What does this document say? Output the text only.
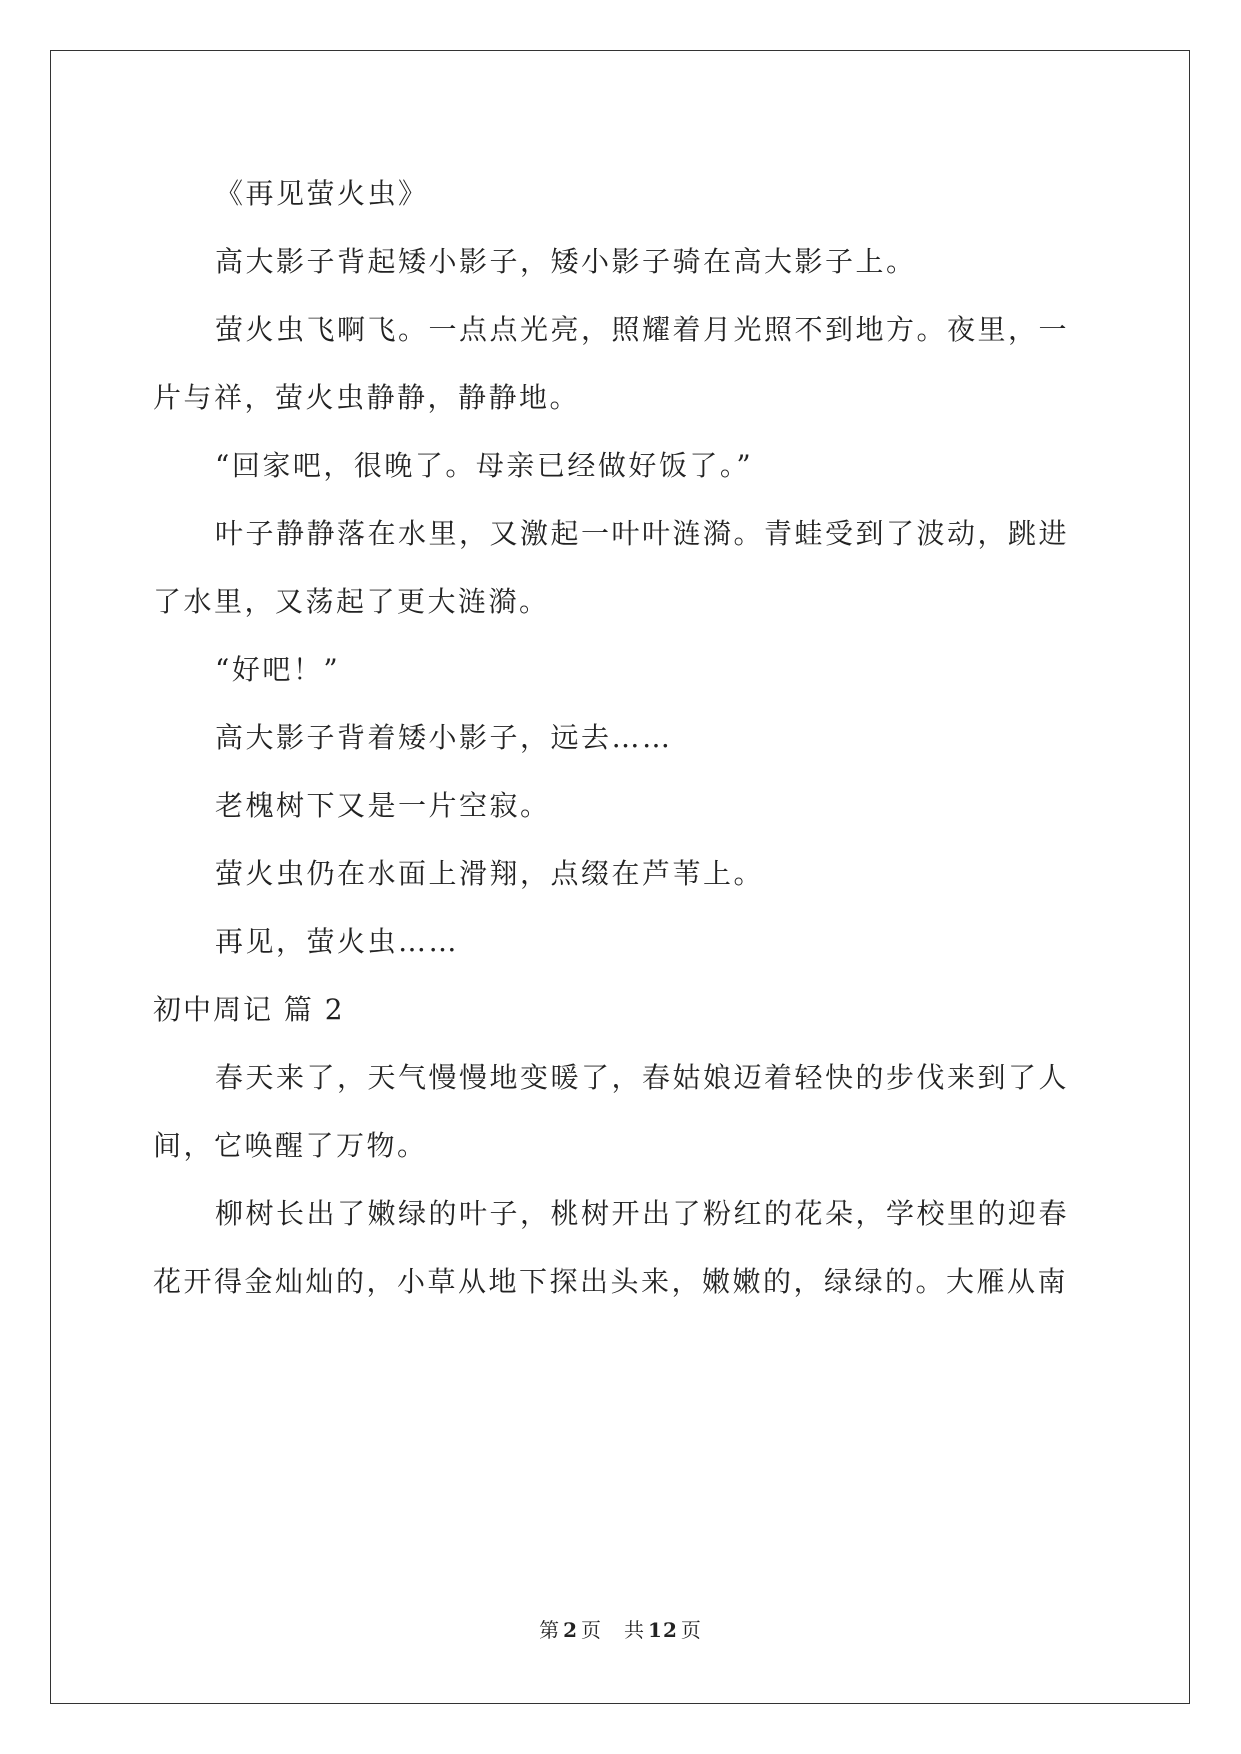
《再见萤火虫》

高大影子背起矮小影子，矮小影子骑在高大影子上。

萤火虫飞啊飞。一点点光亮，照耀着月光照不到地方。夜里，一

片与祥，萤火虫静静，静静地。

“回家吧，很晚了。母亲已经做好饭了。”

叶子静静落在水里，又激起一叶叶涟漪。青蛙受到了波动，跳进

了水里，又荡起了更大涟漪。

“好吧！”

高大影子背着矮小影子，远去……

老槐树下又是一片空寂。

萤火虫仍在水面上滑翔，点缀在芦苇上。

再见，萤火虫……

初中周记 篇 2

春天来了，天气慢慢地变暖了，春姑娘迈着轻快的步伐来到了人

间，它唤醒了万物。

柳树长出了嫩绿的叶子，桃树开出了粉红的花朵，学校里的迎春

花开得金灿灿的，小草从地下探出头来，嫩嫩的，绿绿的。大雁从南

第 2 页 共 12 页
